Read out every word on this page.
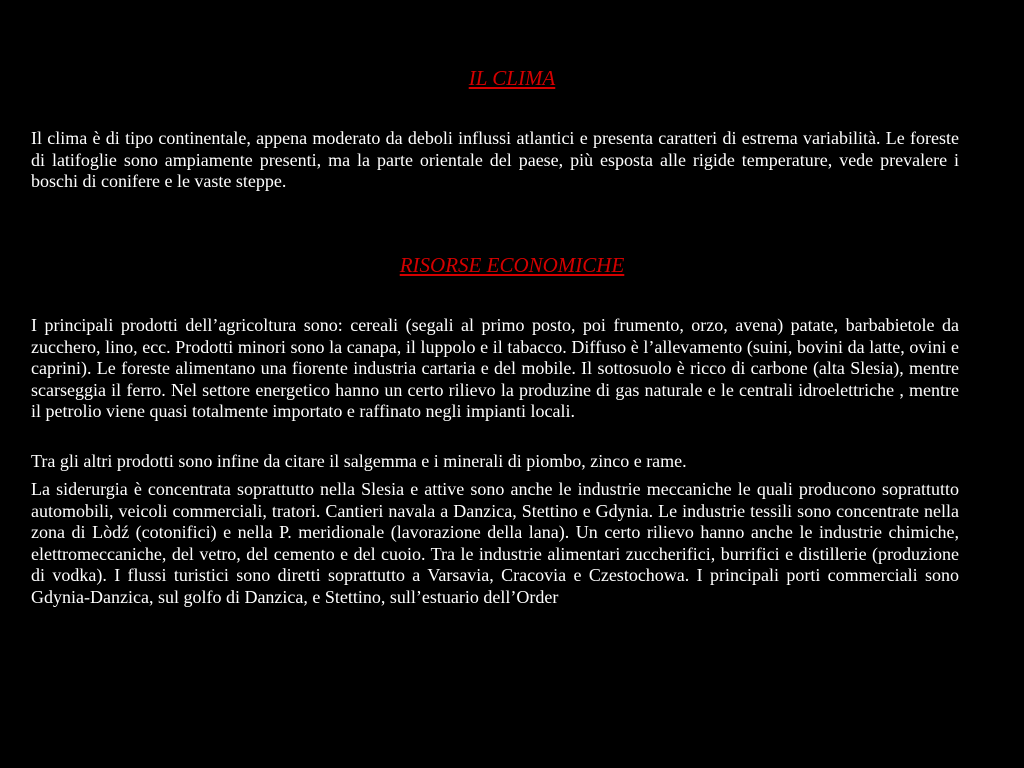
IL CLIMA

Il clima è di tipo continentale, appena moderato da deboli influssi atlantici e presenta caratteri di estrema variabilità. Le foreste di latifoglie sono ampiamente presenti, ma la parte orientale del paese, più esposta alle rigide temperature, vede prevalere i boschi di conifere e le vaste steppe.

RISORSE ECONOMICHE

I principali prodotti dell’agricoltura sono: cereali (segali al primo posto, poi frumento, orzo, avena) patate, barbabietole da zucchero, lino, ecc. Prodotti minori sono la canapa, il luppolo e il tabacco. Diffuso è l’allevamento (suini, bovini da latte, ovini e caprini). Le foreste alimentano una fiorente industria cartaria e del mobile. Il sottosuolo è ricco di carbone (alta Slesia), mentre scarseggia il ferro. Nel settore energetico hanno un certo rilievo la produzine di gas naturale e le centrali idroelettriche , mentre il petrolio viene quasi totalmente importato e raffinato negli impianti locali.

Tra gli altri prodotti sono infine da citare il salgemma e i minerali di piombo, zinco e rame.

La siderurgia è concentrata soprattutto nella Slesia e attive sono anche le industrie meccaniche le quali producono soprattutto automobili, veicoli commerciali, tratori. Cantieri navala a Danzica, Stettino e Gdynia. Le industrie tessili sono concentrate nella zona di Lòdź (cotonifici) e nella P. meridionale (lavorazione della lana). Un certo rilievo hanno anche le industrie chimiche, elettromeccaniche, del vetro, del cemento e del cuoio. Tra le industrie alimentari zuccherifici, burrifici e distillerie (produzione di vodka). I flussi turistici sono diretti soprattutto a Varsavia, Cracovia e Czestochowa. I principali porti commerciali sono Gdynia-Danzica, sul golfo di Danzica, e Stettino, sull’estuario dell’Order
